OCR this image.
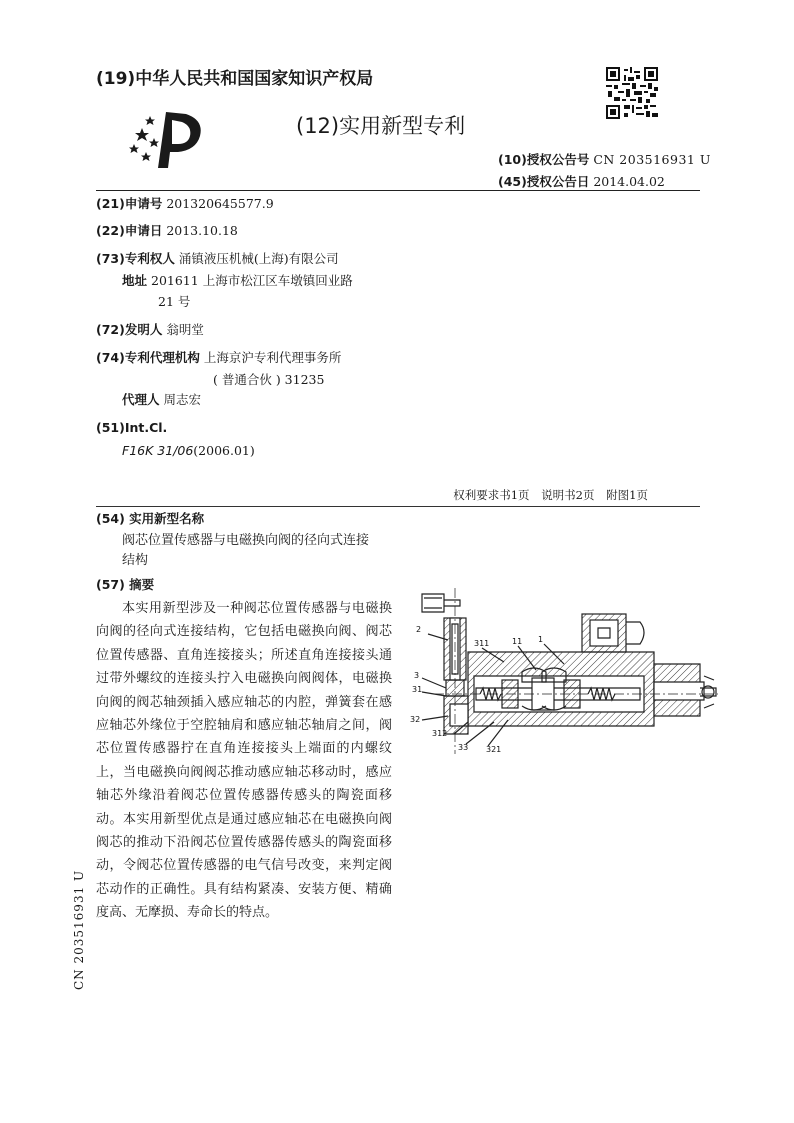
(19)中华人民共和国国家知识产权局
(12)实用新型专利
(10)授权公告号 CN 203516931 U
(45)授权公告日 2014.04.02
(21)申请号 201320645577.9
(22)申请日 2013.10.18
(73)专利权人 涌镇液压机械(上海)有限公司
地址 201611 上海市松江区车墩镇回业路
21 号
(72)发明人 翁明堂
(74)专利代理机构 上海京沪专利代理事务所
( 普通合伙 ) 31235
代理人 周志宏
(51)Int.Cl.
F16K 31/06(2006.01)
权利要求书1页 说明书2页 附图1页
(54) 实用新型名称
阀芯位置传感器与电磁换向阀的径向式连接
结构
(57) 摘要
本实用新型涉及一种阀芯位置传感器与电磁换向阀的径向式连接结构，它包括电磁换向阀、阀芯位置传感器、直角连接接头；所述直角连接接头通过带外螺纹的连接头拧入电磁换向阀阀体，电磁换向阀的阀芯轴颈插入感应轴芯的内腔，弹簧套在感应轴芯外缘位于空腔轴肩和感应轴芯轴肩之间，阀芯位置传感器拧在直角连接接头上端面的内螺纹上，当电磁换向阀阀芯推动感应轴芯移动时，感应轴芯外缘沿着阀芯位置传感器传感头的陶瓷面移动。本实用新型优点是通过感应轴芯在电磁换向阀阀芯的推动下沿阀芯位置传感器传感头的陶瓷面移动，令阀芯位置传感器的电气信号改变，来判定阀芯动作的正确性。具有结构紧凑、安装方便、精确度高、无摩损、寿命长的特点。
2
311	11 1
3
31
32
312
33 321
CN 203516931 U
